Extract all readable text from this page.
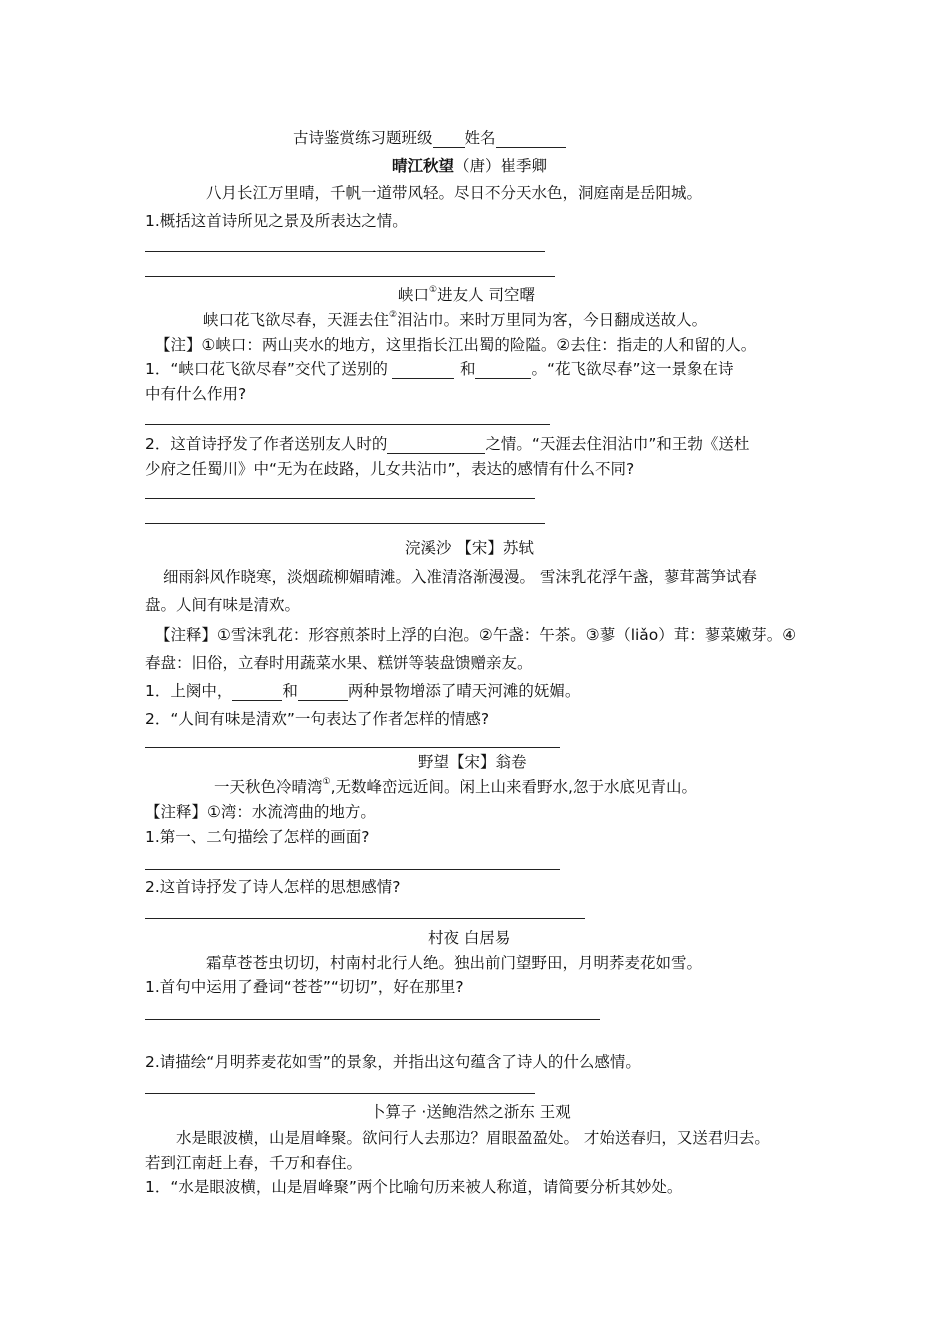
古诗鉴赏练习题班级 姓名
晴江秋望（唐）崔季卿
八月长江万里晴，千帆一道带风轻。尽日不分天水色，洞庭南是岳阳城。
1.概括这首诗所见之景及所表达之情。
峡口①进友人 司空曙
峡口花飞欲尽春，天涯去住②泪沾巾。来时万里同为客，今日翻成送故人。
【注】①峡口：两山夹水的地方，这里指长江出蜀的险隘。②去住：指走的人和留的人。
1．“峡口花飞欲尽春”交代了送别的	和	。“花飞欲尽春”这一景象在诗
中有什么作用?
2．这首诗抒发了作者送别友人时的	之情。“天涯去住泪沾巾”和王勃《送杜
少府之任蜀川》中“无为在歧路，儿女共沾巾”，表达的感情有什么不同?
浣溪沙 【宋】苏轼
细雨斜风作晓寒，淡烟疏柳媚晴滩。入准清洛渐漫漫。 雪沫乳花浮午盏，蓼茸蒿笋试春
盘。人间有味是清欢。
【注释】①雪沫乳花：形容煎茶时上浮的白泡。②午盏：午茶。③蓼（liǎo）茸：蓼菜嫩芽。④
春盘：旧俗，立春时用蔬菜水果、糕饼等装盘馈赠亲友。
1．上阕中，	和	两种景物增添了晴天河滩的妩媚。
2．“人间有味是清欢”一句表达了作者怎样的情感?
野望【宋】翁卷
一天秋色冷晴湾①,无数峰峦远近间。闲上山来看野水,忽于水底见青山。
【注释】①湾：水流湾曲的地方。
1.第一、二句描绘了怎样的画面?
2.这首诗抒发了诗人怎样的思想感情?
村夜 白居易
霜草苍苍虫切切，村南村北行人绝。独出前门望野田，月明荞麦花如雪。
1.首句中运用了叠词“苍苍”“切切”，好在那里?
2.请描绘“月明荞麦花如雪”的景象，并指出这句蕴含了诗人的什么感情。
卜算子 ·送鲍浩然之浙东 王观
水是眼波横，山是眉峰聚。欲问行人去那边？眉眼盈盈处。 才始送春归，又送君归去。
若到江南赶上春，千万和春住。
1．“水是眼波横，山是眉峰聚”两个比喻句历来被人称道，请简要分析其妙处。
